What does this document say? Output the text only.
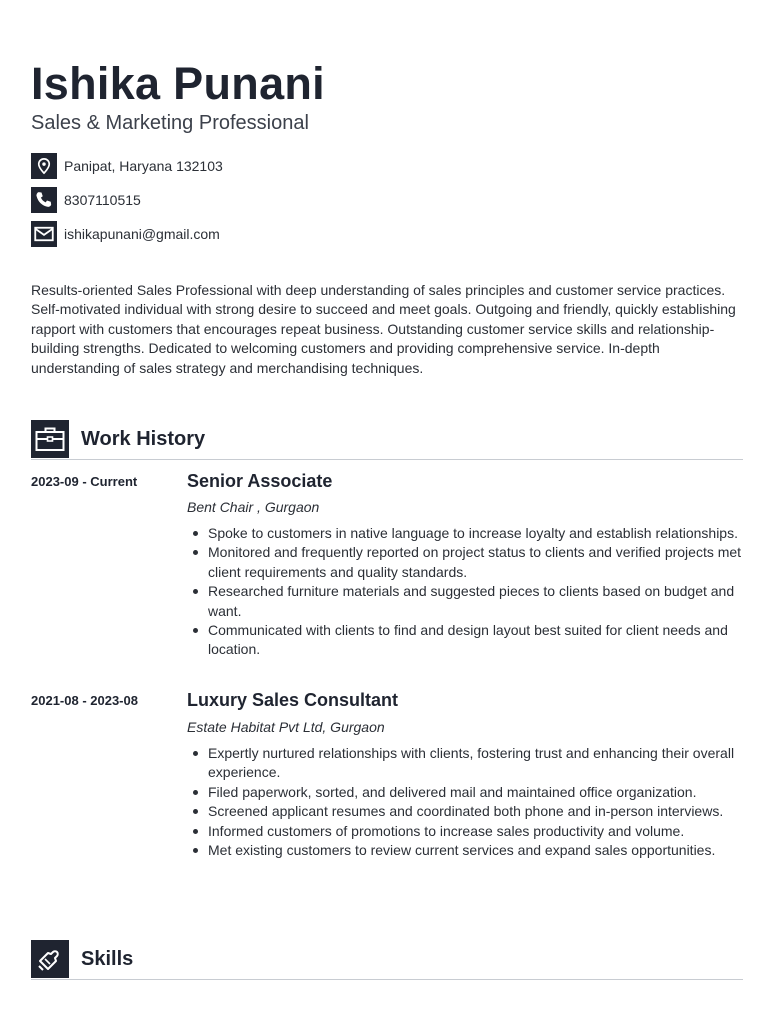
Ishika Punani
Sales & Marketing Professional
Panipat, Haryana 132103
8307110515
ishikapunani@gmail.com

Results-oriented Sales Professional with deep understanding of sales principles and customer service practices. Self-motivated individual with strong desire to succeed and meet goals. Outgoing and friendly, quickly establishing rapport with customers that encourages repeat business. Outstanding customer service skills and relationship-building strengths. Dedicated to welcoming customers and providing comprehensive service. In-depth understanding of sales strategy and merchandising techniques.

Work History
2023-09 - Current	Senior Associate
Bent Chair , Gurgaon
Spoke to customers in native language to increase loyalty and establish relationships.
Monitored and frequently reported on project status to clients and verified projects met client requirements and quality standards.
Researched furniture materials and suggested pieces to clients based on budget and want.
Communicated with clients to find and design layout best suited for client needs and location.
2021-08 - 2023-08	Luxury Sales Consultant
Estate Habitat Pvt Ltd, Gurgaon
Expertly nurtured relationships with clients, fostering trust and enhancing their overall experience.
Filed paperwork, sorted, and delivered mail and maintained office organization.
Screened applicant resumes and coordinated both phone and in-person interviews.
Informed customers of promotions to increase sales productivity and volume.
Met existing customers to review current services and expand sales opportunities.
Skills
